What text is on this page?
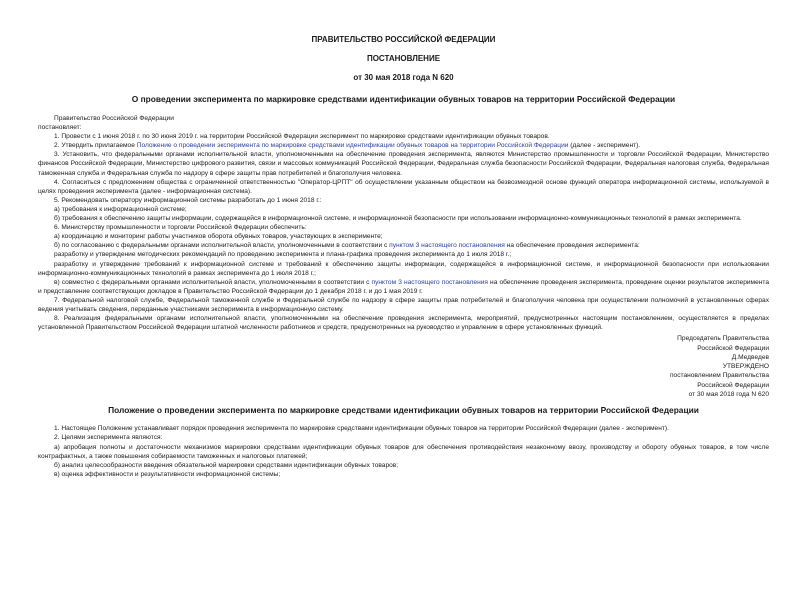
ПРАВИТЕЛЬСТВО РОССИЙСКОЙ ФЕДЕРАЦИИ
ПОСТАНОВЛЕНИЕ
от 30 мая 2018 года N 620
О проведении эксперимента по маркировке средствами идентификации обувных товаров на территории Российской Федерации

Правительство Российской Федерации

постановляет:

1. Провести с 1 июня 2018 г. по 30 июня 2019 г. на территории Российской Федерации эксперимент по маркировке средствами идентификации обувных товаров.

2. Утвердить прилагаемое Положение о проведении эксперимента по маркировке средствами идентификации обувных товаров на территории Российской Федерации (далее - эксперимент).

3. Установить, что федеральными органами исполнительной власти, уполномоченными на обеспечение проведения эксперимента, являются Министерство промышленности и торговли Российской Федерации, Министерство финансов Российской Федерации, Министерство цифрового развития, связи и массовых коммуникаций Российской Федерации, Федеральная служба безопасности Российской Федерации, Федеральная налоговая служба, Федеральная таможенная служба и Федеральная служба по надзору в сфере защиты прав потребителей и благополучия человека.

4. Согласиться с предложением общества с ограниченной ответственностью "Оператор-ЦРПТ" об осуществлении указанным обществом на безвозмездной основе функций оператора информационной системы, используемой в целях проведения эксперимента (далее - информационная система).

5. Рекомендовать оператору информационной системы разработать до 1 июня 2018 г.:

а) требования к информационной системе;

б) требования к обеспечению защиты информации, содержащейся в информационной системе, и информационной безопасности при использовании информационно-коммуникационных технологий в рамках эксперимента.

6. Министерству промышленности и торговли Российской Федерации обеспечить:

а) координацию и мониторинг работы участников оборота обувных товаров, участвующих в эксперименте;

б) по согласованию с федеральными органами исполнительной власти, уполномоченными в соответствии с пунктом 3 настоящего постановления на обеспечение проведения эксперимента:

разработку и утверждение методических рекомендаций по проведению эксперимента и плана-графика проведения эксперимента до 1 июля 2018 г.;

разработку и утверждение требований к информационной системе и требований к обеспечению защиты информации, содержащейся в информационной системе, и информационной безопасности при использовании информационно-коммуникационных технологий в рамках эксперимента до 1 июля 2018 г.;

в) совместно с федеральными органами исполнительной власти, уполномоченными в соответствии с пунктом 3 настоящего постановления на обеспечение проведения эксперимента, проведение оценки результатов эксперимента и представление соответствующих докладов в Правительство Российской Федерации до 1 декабря 2018 г. и до 1 мая 2019 г.

7. Федеральной налоговой службе, Федеральной таможенной службе и Федеральной службе по надзору в сфере защиты прав потребителей и благополучия человека при осуществлении полномочий в установленных сферах ведения учитывать сведения, переданные участниками эксперимента в информационную систему.

8. Реализация федеральными органами исполнительной власти, уполномоченными на обеспечение проведения эксперимента, мероприятий, предусмотренных настоящим постановлением, осуществляется в пределах установленной Правительством Российской Федерации штатной численности работников и средств, предусмотренных на руководство и управление в сфере установленных функций.

Председатель Правительства
Российской Федерации
Д.Медведев
УТВЕРЖДЕНО
постановлением Правительства
Российской Федерации
от 30 мая 2018 года N 620
Положение о проведении эксперимента по маркировке средствами идентификации обувных товаров на территории Российской Федерации

1. Настоящее Положение устанавливает порядок проведения эксперимента по маркировке средствами идентификации обувных товаров на территории Российской Федерации (далее - эксперимент).

2. Целями эксперимента являются:

а) апробация полноты и достаточности механизмов маркировки средствами идентификации обувных товаров для обеспечения противодействия незаконному ввозу, производству и обороту обувных товаров, в том числе контрафактных, а также повышения собираемости таможенных и налоговых платежей;

б) анализ целесообразности введения обязательной маркировки средствами идентификации обувных товаров;

в) оценка эффективности и результативности информационной системы;
